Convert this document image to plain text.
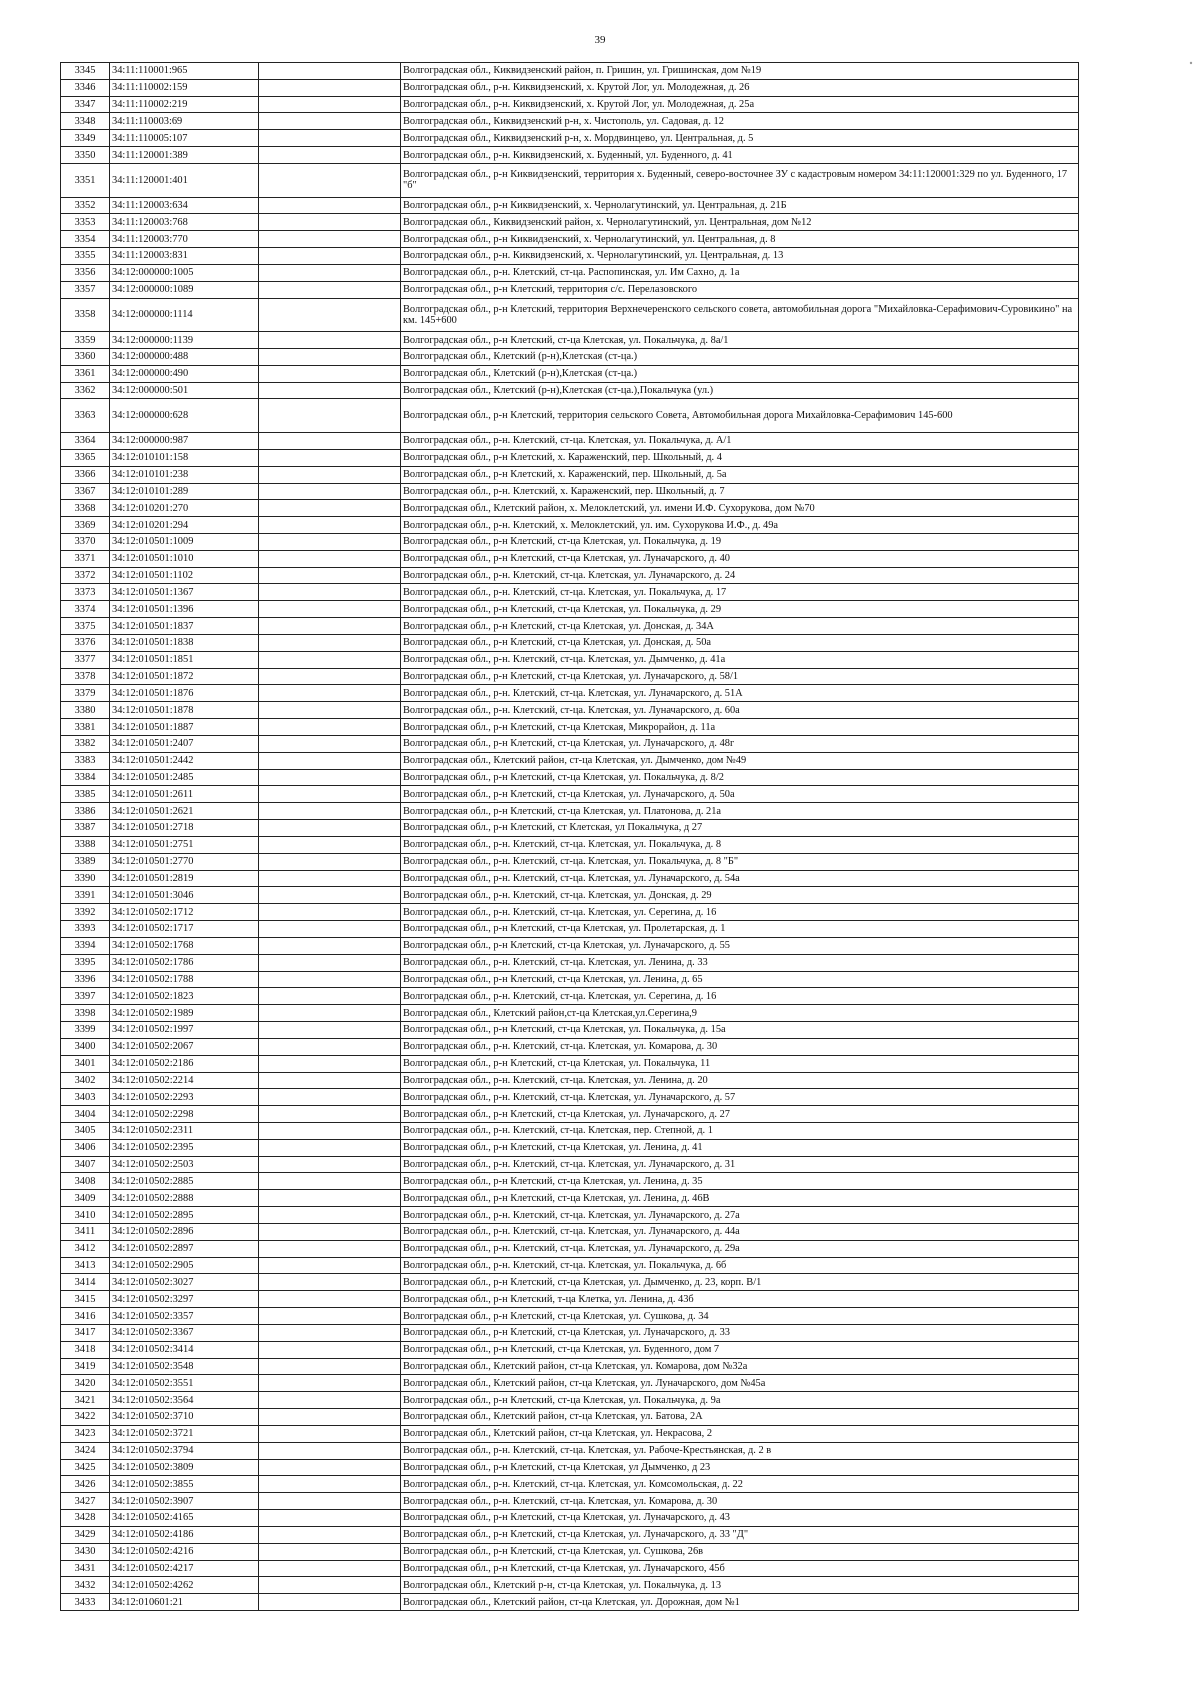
39
3345	34:11:110001:965		Волгоградская обл., Киквидзенский район, п. Гришин, ул. Гришинская, дом №19
3346	34:11:110002:159		Волгоградская обл., р-н. Киквидзенский, х. Крутой Лог, ул. Молодежная, д. 26
3347	34:11:110002:219		Волгоградская обл., р-н. Киквидзенский, х. Крутой Лог, ул. Молодежная, д. 25а
3348	34:11:110003:69		Волгоградская обл., Киквидзенский р-н, х. Чистополь, ул. Садовая, д. 12
3349	34:11:110005:107		Волгоградская обл., Киквидзенский р-н, х. Мордвинцево, ул. Центральная, д. 5
3350	34:11:120001:389		Волгоградская обл., р-н. Киквидзенский, х. Буденный, ул. Буденного, д. 41
3351	34:11:120001:401		Волгоградская обл., р-н Киквидзенский, территория х. Буденный, северо-восточнее ЗУ с кадастровым номером 34:11:120001:329 по ул. Буденного, 17 "б"
3352	34:11:120003:634		Волгоградская обл., р-н Киквидзенский, х. Чернолагутинский, ул. Центральная, д. 21Б
3353	34:11:120003:768		Волгоградская обл., Киквидзенский район, х. Чернолагутинский, ул. Центральная, дом №12
3354	34:11:120003:770		Волгоградская обл., р-н Киквидзенский, х. Чернолагутинский, ул. Центральная, д. 8
3355	34:11:120003:831		Волгоградская обл., р-н. Киквидзенский, х. Чернолагутинский, ул. Центральная, д. 13
3356	34:12:000000:1005		Волгоградская обл., р-н. Клетский, ст-ца. Распопинская, ул. Им Сахно, д. 1а
3357	34:12:000000:1089		Волгоградская обл., р-н Клетский, территория с/с. Перелазовского
3358	34:12:000000:1114		Волгоградская обл., р-н Клетский, территория Верхнечеренского сельского совета, автомобильная дорога "Михайловка-Серафимович-Суровикино" на км. 145+600
3359	34:12:000000:1139		Волгоградская обл., р-н Клетский, ст-ца Клетская, ул. Покальчука, д. 8а/1
3360	34:12:000000:488		Волгоградская обл., Клетский (р-н),Клетская (ст-ца.)
3361	34:12:000000:490		Волгоградская обл., Клетский (р-н),Клетская (ст-ца.)
3362	34:12:000000:501		Волгоградская обл., Клетский (р-н),Клетская (ст-ца.),Покальчука (ул.)
3363	34:12:000000:628		Волгоградская обл., р-н Клетский, территория сельского Совета, Автомобильная дорога Михайловка-Серафимович 145-600
3364	34:12:000000:987		Волгоградская обл., р-н. Клетский, ст-ца. Клетская, ул. Покальчука, д. А/1
3365	34:12:010101:158		Волгоградская обл., р-н Клетский, х. Караженский, пер. Школьный, д. 4
3366	34:12:010101:238		Волгоградская обл., р-н Клетский, х. Караженский, пер. Школьный, д. 5а
3367	34:12:010101:289		Волгоградская обл., р-н. Клетский, х. Караженский, пер. Школьный, д. 7
3368	34:12:010201:270		Волгоградская обл., Клетский район, х. Мелоклетский, ул. имени И.Ф. Сухорукова, дом №70
3369	34:12:010201:294		Волгоградская обл., р-н. Клетский, х. Мелоклетский, ул. им. Сухорукова И.Ф., д. 49а
3370	34:12:010501:1009		Волгоградская обл., р-н Клетский, ст-ца Клетская, ул. Покальчука, д. 19
3371	34:12:010501:1010		Волгоградская обл., р-н Клетский, ст-ца Клетская, ул. Луначарского, д. 40
3372	34:12:010501:1102		Волгоградская обл., р-н. Клетский, ст-ца. Клетская, ул. Луначарского, д. 24
3373	34:12:010501:1367		Волгоградская обл., р-н. Клетский, ст-ца. Клетская, ул. Покальчука, д. 17
3374	34:12:010501:1396		Волгоградская обл., р-н Клетский, ст-ца Клетская, ул. Покальчука, д. 29
3375	34:12:010501:1837		Волгоградская обл., р-н Клетский, ст-ца Клетская, ул. Донская, д. 34А
3376	34:12:010501:1838		Волгоградская обл., р-н Клетский, ст-ца Клетская, ул. Донская, д. 50а
3377	34:12:010501:1851		Волгоградская обл., р-н. Клетский, ст-ца. Клетская, ул. Дымченко, д. 41а
3378	34:12:010501:1872		Волгоградская обл., р-н Клетский, ст-ца Клетская, ул. Луначарского, д. 58/1
3379	34:12:010501:1876		Волгоградская обл., р-н. Клетский, ст-ца. Клетская, ул. Луначарского, д. 51А
3380	34:12:010501:1878		Волгоградская обл., р-н. Клетский, ст-ца. Клетская, ул. Луначарского, д. 60а
3381	34:12:010501:1887		Волгоградская обл., р-н Клетский, ст-ца Клетская, Микрорайон, д. 11а
3382	34:12:010501:2407		Волгоградская обл., р-н Клетский, ст-ца Клетская, ул. Луначарского, д. 48г
3383	34:12:010501:2442		Волгоградская обл., Клетский район, ст-ца Клетская, ул. Дымченко, дом №49
3384	34:12:010501:2485		Волгоградская обл., р-н Клетский, ст-ца Клетская, ул. Покальчука, д. 8/2
3385	34:12:010501:2611		Волгоградская обл., р-н Клетский, ст-ца Клетская, ул. Луначарского, д. 50а
3386	34:12:010501:2621		Волгоградская обл., р-н Клетский, ст-ца Клетская, ул. Платонова, д. 21а
3387	34:12:010501:2718		Волгоградская обл., р-н Клетский, ст Клетская, ул Покальчука, д 27
3388	34:12:010501:2751		Волгоградская обл., р-н. Клетский, ст-ца. Клетская, ул. Покальчука, д. 8
3389	34:12:010501:2770		Волгоградская обл., р-н. Клетский, ст-ца. Клетская, ул. Покальчука, д. 8 "Б"
3390	34:12:010501:2819		Волгоградская обл., р-н. Клетский, ст-ца. Клетская, ул. Луначарского, д. 54а
3391	34:12:010501:3046		Волгоградская обл., р-н. Клетский, ст-ца. Клетская, ул. Донская, д. 29
3392	34:12:010502:1712		Волгоградская обл., р-н. Клетский, ст-ца. Клетская, ул. Серегина, д. 16
3393	34:12:010502:1717		Волгоградская обл., р-н Клетский, ст-ца Клетская, ул. Пролетарская, д. 1
3394	34:12:010502:1768		Волгоградская обл., р-н Клетский, ст-ца Клетская, ул. Луначарского, д. 55
3395	34:12:010502:1786		Волгоградская обл., р-н. Клетский, ст-ца. Клетская, ул. Ленина, д. 33
3396	34:12:010502:1788		Волгоградская обл., р-н Клетский, ст-ца Клетская, ул. Ленина, д. 65
3397	34:12:010502:1823		Волгоградская обл., р-н. Клетский, ст-ца. Клетская, ул. Серегина, д. 16
3398	34:12:010502:1989		Волгоградская обл., Клетский район,ст-ца Клетская,ул.Серегина,9
3399	34:12:010502:1997		Волгоградская обл., р-н Клетский, ст-ца Клетская, ул. Покальчука, д. 15а
3400	34:12:010502:2067		Волгоградская обл., р-н. Клетский, ст-ца. Клетская, ул. Комарова, д. 30
3401	34:12:010502:2186		Волгоградская обл., р-н Клетский, ст-ца Клетская, ул. Покальчука, 11
3402	34:12:010502:2214		Волгоградская обл., р-н. Клетский, ст-ца. Клетская, ул. Ленина, д. 20
3403	34:12:010502:2293		Волгоградская обл., р-н. Клетский, ст-ца. Клетская, ул. Луначарского, д. 57
3404	34:12:010502:2298		Волгоградская обл., р-н Клетский, ст-ца Клетская, ул. Луначарского, д. 27
3405	34:12:010502:2311		Волгоградская обл., р-н. Клетский, ст-ца. Клетская, пер. Степной, д. 1
3406	34:12:010502:2395		Волгоградская обл., р-н Клетский, ст-ца Клетская, ул. Ленина, д. 41
3407	34:12:010502:2503		Волгоградская обл., р-н. Клетский, ст-ца. Клетская, ул. Луначарского, д. 31
3408	34:12:010502:2885		Волгоградская обл., р-н Клетский, ст-ца Клетская, ул. Ленина, д. 35
3409	34:12:010502:2888		Волгоградская обл., р-н Клетский, ст-ца Клетская, ул. Ленина, д. 46В
3410	34:12:010502:2895		Волгоградская обл., р-н. Клетский, ст-ца. Клетская, ул. Луначарского, д. 27а
3411	34:12:010502:2896		Волгоградская обл., р-н. Клетский, ст-ца. Клетская, ул. Луначарского, д. 44а
3412	34:12:010502:2897		Волгоградская обл., р-н. Клетский, ст-ца. Клетская, ул. Луначарского, д. 29а
3413	34:12:010502:2905		Волгоградская обл., р-н. Клетский, ст-ца. Клетская, ул. Покальчука, д. 6б
3414	34:12:010502:3027		Волгоградская обл., р-н Клетский, ст-ца Клетская, ул. Дымченко, д. 23, корп. В/1
3415	34:12:010502:3297		Волгоградская обл., р-н Клетский, т-ца Клетка, ул. Ленина, д. 43б
3416	34:12:010502:3357		Волгоградская обл., р-н Клетский, ст-ца Клетская, ул. Сушкова, д. 34
3417	34:12:010502:3367		Волгоградская обл., р-н Клетский, ст-ца Клетская, ул. Луначарского, д. 33
3418	34:12:010502:3414		Волгоградская обл., р-н Клетский, ст-ца Клетская, ул. Буденного, дом 7
3419	34:12:010502:3548		Волгоградская обл., Клетский район, ст-ца Клетская, ул. Комарова, дом №32а
3420	34:12:010502:3551		Волгоградская обл., Клетский район, ст-ца Клетская, ул. Луначарского, дом №45а
3421	34:12:010502:3564		Волгоградская обл., р-н Клетский, ст-ца Клетская, ул. Покальчука, д. 9а
3422	34:12:010502:3710		Волгоградская обл., Клетский район, ст-ца Клетская, ул. Батова, 2А
3423	34:12:010502:3721		Волгоградская обл., Клетский район, ст-ца Клетская, ул. Некрасова, 2
3424	34:12:010502:3794		Волгоградская обл., р-н. Клетский, ст-ца. Клетская, ул. Рабоче-Крестьянская, д. 2 в
3425	34:12:010502:3809		Волгоградская обл., р-н Клетский, ст-ца Клетская, ул Дымченко, д 23
3426	34:12:010502:3855		Волгоградская обл., р-н. Клетский, ст-ца. Клетская, ул. Комсомольская, д. 22
3427	34:12:010502:3907		Волгоградская обл., р-н. Клетский, ст-ца. Клетская, ул. Комарова, д. 30
3428	34:12:010502:4165		Волгоградская обл., р-н Клетский, ст-ца Клетская, ул. Луначарского, д. 43
3429	34:12:010502:4186		Волгоградская обл., р-н Клетский, ст-ца Клетская, ул. Луначарского, д. 33 "Д"
3430	34:12:010502:4216		Волгоградская обл., р-н Клетский, ст-ца Клетская, ул. Сушкова, 26в
3431	34:12:010502:4217		Волгоградская обл., р-н Клетский, ст-ца Клетская, ул. Луначарского, 45б
3432	34:12:010502:4262		Волгоградская обл., Клетский р-н, ст-ца Клетская, ул. Покальчука, д. 13
3433	34:12:010601:21		Волгоградская обл., Клетский район, ст-ца Клетская, ул. Дорожная, дом №1
